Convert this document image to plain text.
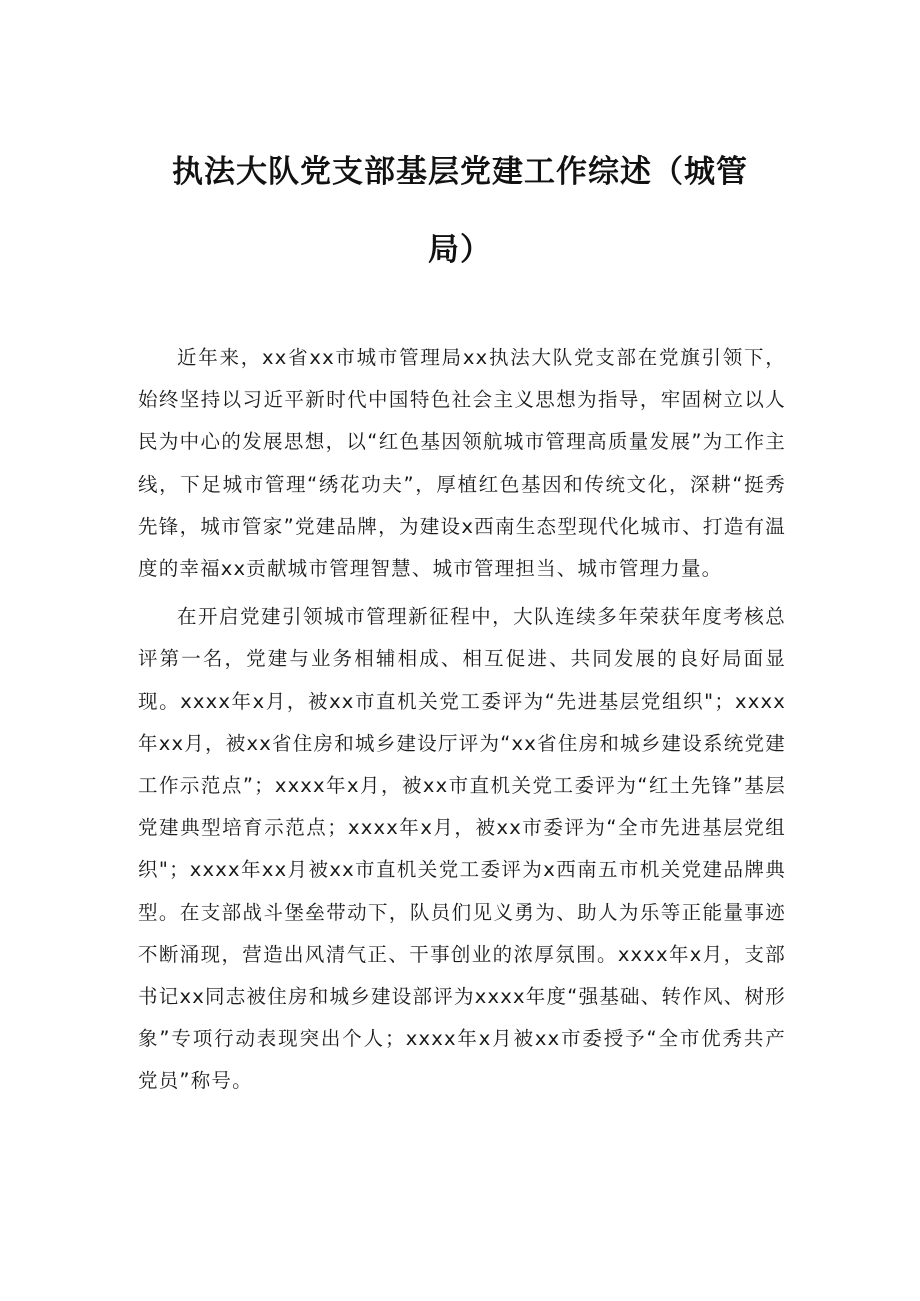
执法大队党支部基层党建工作综述（城管
局）

近年来，xx省xx市城市管理局xx执法大队党支部在党旗引领下，始终坚持以习近平新时代中国特色社会主义思想为指导，牢固树立以人民为中心的发展思想，以“红色基因领航城市管理高质量发展”为工作主线，下足城市管理“绣花功夫”，厚植红色基因和传统文化，深耕“挺秀先锋，城市管家”党建品牌，为建设x西南生态型现代化城市、打造有温度的幸福xx贡献城市管理智慧、城市管理担当、城市管理力量。

在开启党建引领城市管理新征程中，大队连续多年荣获年度考核总评第一名，党建与业务相辅相成、相互促进、共同发展的良好局面显现。xxxx年x月，被xx市直机关党工委评为“先进基层党组织"；xxxx年xx月，被xx省住房和城乡建设厅评为“xx省住房和城乡建设系统党建工作示范点”；xxxx年x月，被xx市直机关党工委评为“红土先锋”基层党建典型培育示范点；xxxx年x月，被xx市委评为“全市先进基层党组织"；xxxx年xx月被xx市直机关党工委评为x西南五市机关党建品牌典型。在支部战斗堡垒带动下，队员们见义勇为、助人为乐等正能量事迹不断涌现，营造出风清气正、干事创业的浓厚氛围。xxxx年x月，支部书记xx同志被住房和城乡建设部评为xxxx年度“强基础、转作风、树形象”专项行动表现突出个人；xxxx年x月被xx市委授予“全市优秀共产党员”称号。
